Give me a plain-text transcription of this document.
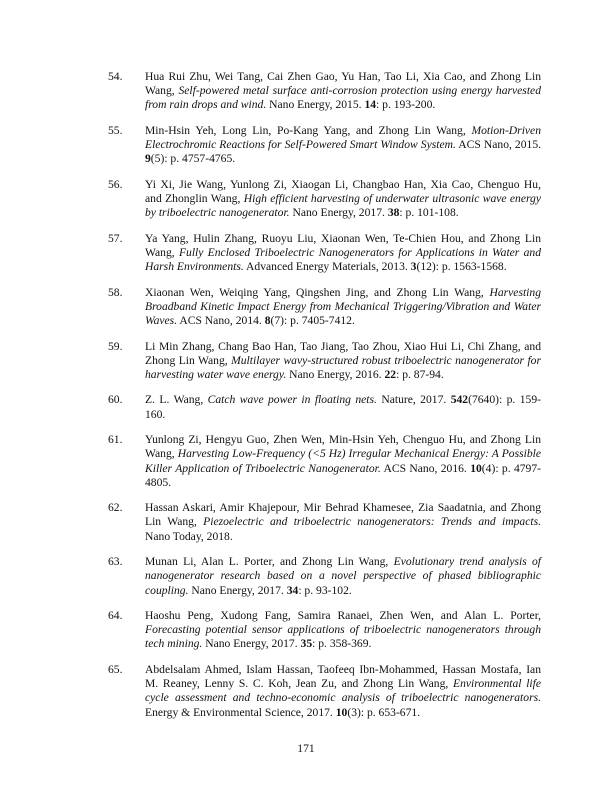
54. Hua Rui Zhu, Wei Tang, Cai Zhen Gao, Yu Han, Tao Li, Xia Cao, and Zhong Lin Wang, Self-powered metal surface anti-corrosion protection using energy harvested from rain drops and wind. Nano Energy, 2015. 14: p. 193-200.
55. Min-Hsin Yeh, Long Lin, Po-Kang Yang, and Zhong Lin Wang, Motion-Driven Electrochromic Reactions for Self-Powered Smart Window System. ACS Nano, 2015. 9(5): p. 4757-4765.
56. Yi Xi, Jie Wang, Yunlong Zi, Xiaogan Li, Changbao Han, Xia Cao, Chenguo Hu, and Zhonglin Wang, High efficient harvesting of underwater ultrasonic wave energy by triboelectric nanogenerator. Nano Energy, 2017. 38: p. 101-108.
57. Ya Yang, Hulin Zhang, Ruoyu Liu, Xiaonan Wen, Te-Chien Hou, and Zhong Lin Wang, Fully Enclosed Triboelectric Nanogenerators for Applications in Water and Harsh Environments. Advanced Energy Materials, 2013. 3(12): p. 1563-1568.
58. Xiaonan Wen, Weiqing Yang, Qingshen Jing, and Zhong Lin Wang, Harvesting Broadband Kinetic Impact Energy from Mechanical Triggering/Vibration and Water Waves. ACS Nano, 2014. 8(7): p. 7405-7412.
59. Li Min Zhang, Chang Bao Han, Tao Jiang, Tao Zhou, Xiao Hui Li, Chi Zhang, and Zhong Lin Wang, Multilayer wavy-structured robust triboelectric nanogenerator for harvesting water wave energy. Nano Energy, 2016. 22: p. 87-94.
60. Z. L. Wang, Catch wave power in floating nets. Nature, 2017. 542(7640): p. 159-160.
61. Yunlong Zi, Hengyu Guo, Zhen Wen, Min-Hsin Yeh, Chenguo Hu, and Zhong Lin Wang, Harvesting Low-Frequency (<5 Hz) Irregular Mechanical Energy: A Possible Killer Application of Triboelectric Nanogenerator. ACS Nano, 2016. 10(4): p. 4797-4805.
62. Hassan Askari, Amir Khajepour, Mir Behrad Khamesee, Zia Saadatnia, and Zhong Lin Wang, Piezoelectric and triboelectric nanogenerators: Trends and impacts. Nano Today, 2018.
63. Munan Li, Alan L. Porter, and Zhong Lin Wang, Evolutionary trend analysis of nanogenerator research based on a novel perspective of phased bibliographic coupling. Nano Energy, 2017. 34: p. 93-102.
64. Haoshu Peng, Xudong Fang, Samira Ranaei, Zhen Wen, and Alan L. Porter, Forecasting potential sensor applications of triboelectric nanogenerators through tech mining. Nano Energy, 2017. 35: p. 358-369.
65. Abdelsalam Ahmed, Islam Hassan, Taofeeq Ibn-Mohammed, Hassan Mostafa, Ian M. Reaney, Lenny S. C. Koh, Jean Zu, and Zhong Lin Wang, Environmental life cycle assessment and techno-economic analysis of triboelectric nanogenerators. Energy & Environmental Science, 2017. 10(3): p. 653-671.
171
